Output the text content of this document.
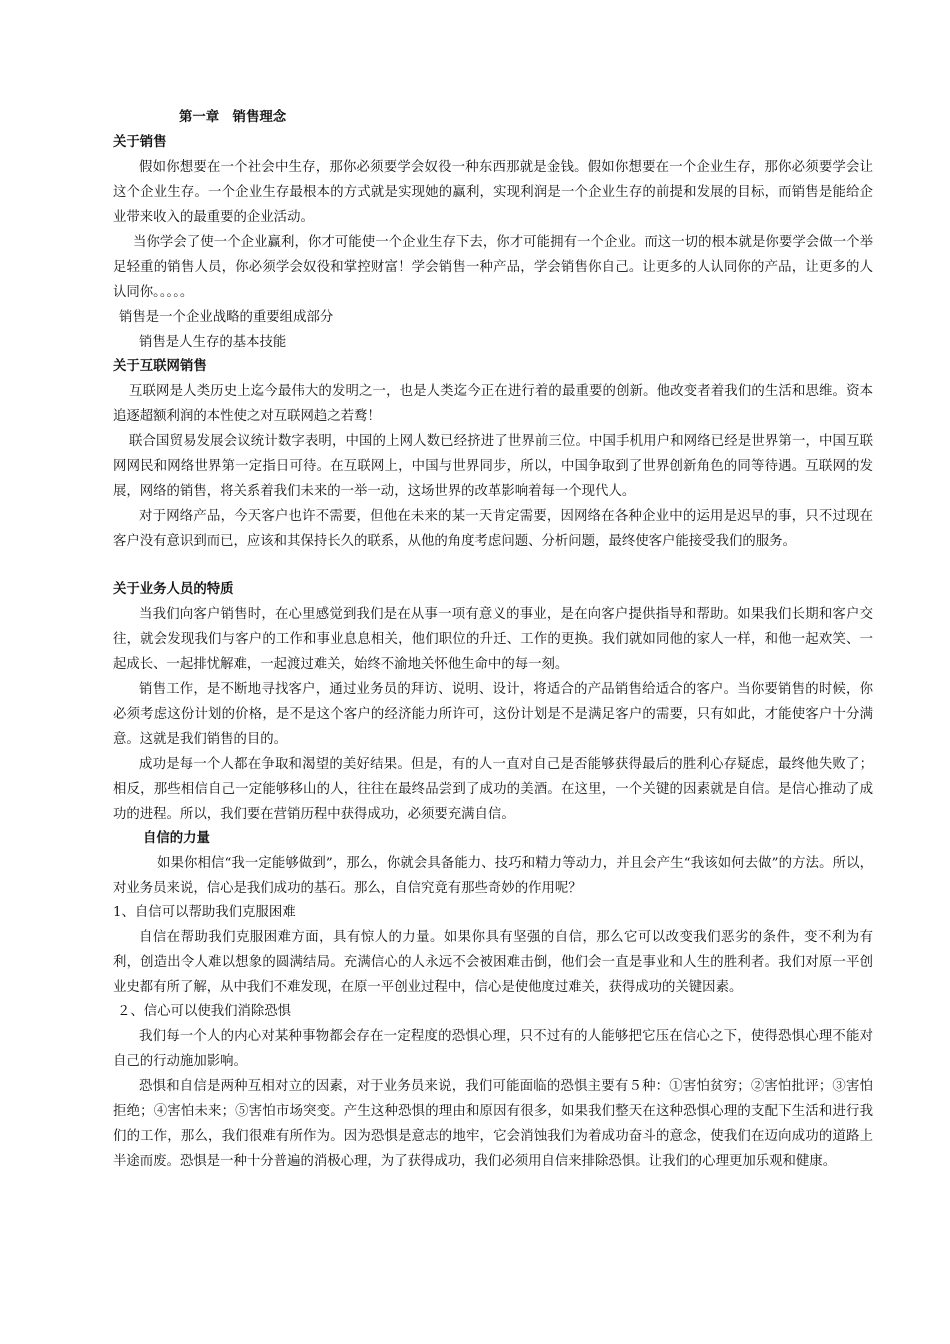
第一章　销售理念
关于销售

假如你想要在一个社会中生存，那你必须要学会奴役一种东西那就是金钱。假如你想要在一个企业生存，那你必须要学会让这个企业生存。一个企业生存最根本的方式就是实现她的赢利，实现利润是一个企业生存的前提和发展的目标，而销售是能给企业带来收入的最重要的企业活动。

当你学会了使一个企业赢利，你才可能使一个企业生存下去，你才可能拥有一个企业。而这一切的根本就是你要学会做一个举足轻重的销售人员，你必须学会奴役和掌控财富！学会销售一种产品，学会销售你自己。让更多的人认同你的产品，让更多的人认同你。。。。。

销售是一个企业战略的重要组成部分

销售是人生存的基本技能

关于互联网销售

互联网是人类历史上迄今最伟大的发明之一，也是人类迄今正在进行着的最重要的创新。他改变者着我们的生活和思维。资本追逐超额利润的本性使之对互联网趋之若鹜！

联合国贸易发展会议统计数字表明，中国的上网人数已经挤进了世界前三位。中国手机用户和网络已经是世界第一，中国互联网网民和网络世界第一定指日可待。在互联网上，中国与世界同步，所以，中国争取到了世界创新角色的同等待遇。互联网的发展，网络的销售，将关系着我们未来的一举一动，这场世界的改革影响着每一个现代人。

对于网络产品，今天客户也许不需要，但他在未来的某一天肯定需要，因网络在各种企业中的运用是迟早的事，只不过现在客户没有意识到而已，应该和其保持长久的联系，从他的角度考虑问题、分析问题，最终使客户能接受我们的服务。

关于业务人员的特质

当我们向客户销售时，在心里感觉到我们是在从事一项有意义的事业，是在向客户提供指导和帮助。如果我们长期和客户交往，就会发现我们与客户的工作和事业息息相关，他们职位的升迁、工作的更换。我们就如同他的家人一样，和他一起欢笑、一起成长、一起排忧解难，一起渡过难关，始终不渝地关怀他生命中的每一刻。

销售工作，是不断地寻找客户，通过业务员的拜访、说明、设计，将适合的产品销售给适合的客户。当你要销售的时候，你必须考虑这份计划的价格，是不是这个客户的经济能力所许可，这份计划是不是满足客户的需要，只有如此，才能使客户十分满意。这就是我们销售的目的。

成功是每一个人都在争取和渴望的美好结果。但是，有的人一直对自己是否能够获得最后的胜利心存疑虑，最终他失败了；相反，那些相信自己一定能够移山的人，往往在最终品尝到了成功的美酒。在这里，一个关键的因素就是自信。是信心推动了成功的进程。所以，我们要在营销历程中获得成功，必须要充满自信。

自信的力量

如果你相信“我一定能够做到”，那么，你就会具备能力、技巧和精力等动力，并且会产生“我该如何去做”的方法。所以，对业务员来说，信心是我们成功的基石。那么，自信究竟有那些奇妙的作用呢？

1、自信可以帮助我们克服困难

自信在帮助我们克服困难方面，具有惊人的力量。如果你具有坚强的自信，那么它可以改变我们恶劣的条件，变不利为有利，创造出令人难以想象的圆满结局。充满信心的人永远不会被困难击倒，他们会一直是事业和人生的胜利者。我们对原一平创业史都有所了解，从中我们不难发现，在原一平创业过程中，信心是使他度过难关，获得成功的关键因素。

２、信心可以使我们消除恐惧

我们每一个人的内心对某种事物都会存在一定程度的恐惧心理，只不过有的人能够把它压在信心之下，使得恐惧心理不能对自己的行动施加影响。

恐惧和自信是两种互相对立的因素，对于业务员来说，我们可能面临的恐惧主要有５种：①害怕贫穷；②害怕批评；③害怕拒绝；④害怕未来；⑤害怕市场突变。产生这种恐惧的理由和原因有很多，如果我们整天在这种恐惧心理的支配下生活和进行我们的工作，那么，我们很难有所作为。因为恐惧是意志的地牢，它会消蚀我们为着成功奋斗的意念，使我们在迈向成功的道路上半途而废。恐惧是一种十分普遍的消极心理，为了获得成功，我们必须用自信来排除恐惧。让我们的心理更加乐观和健康。
